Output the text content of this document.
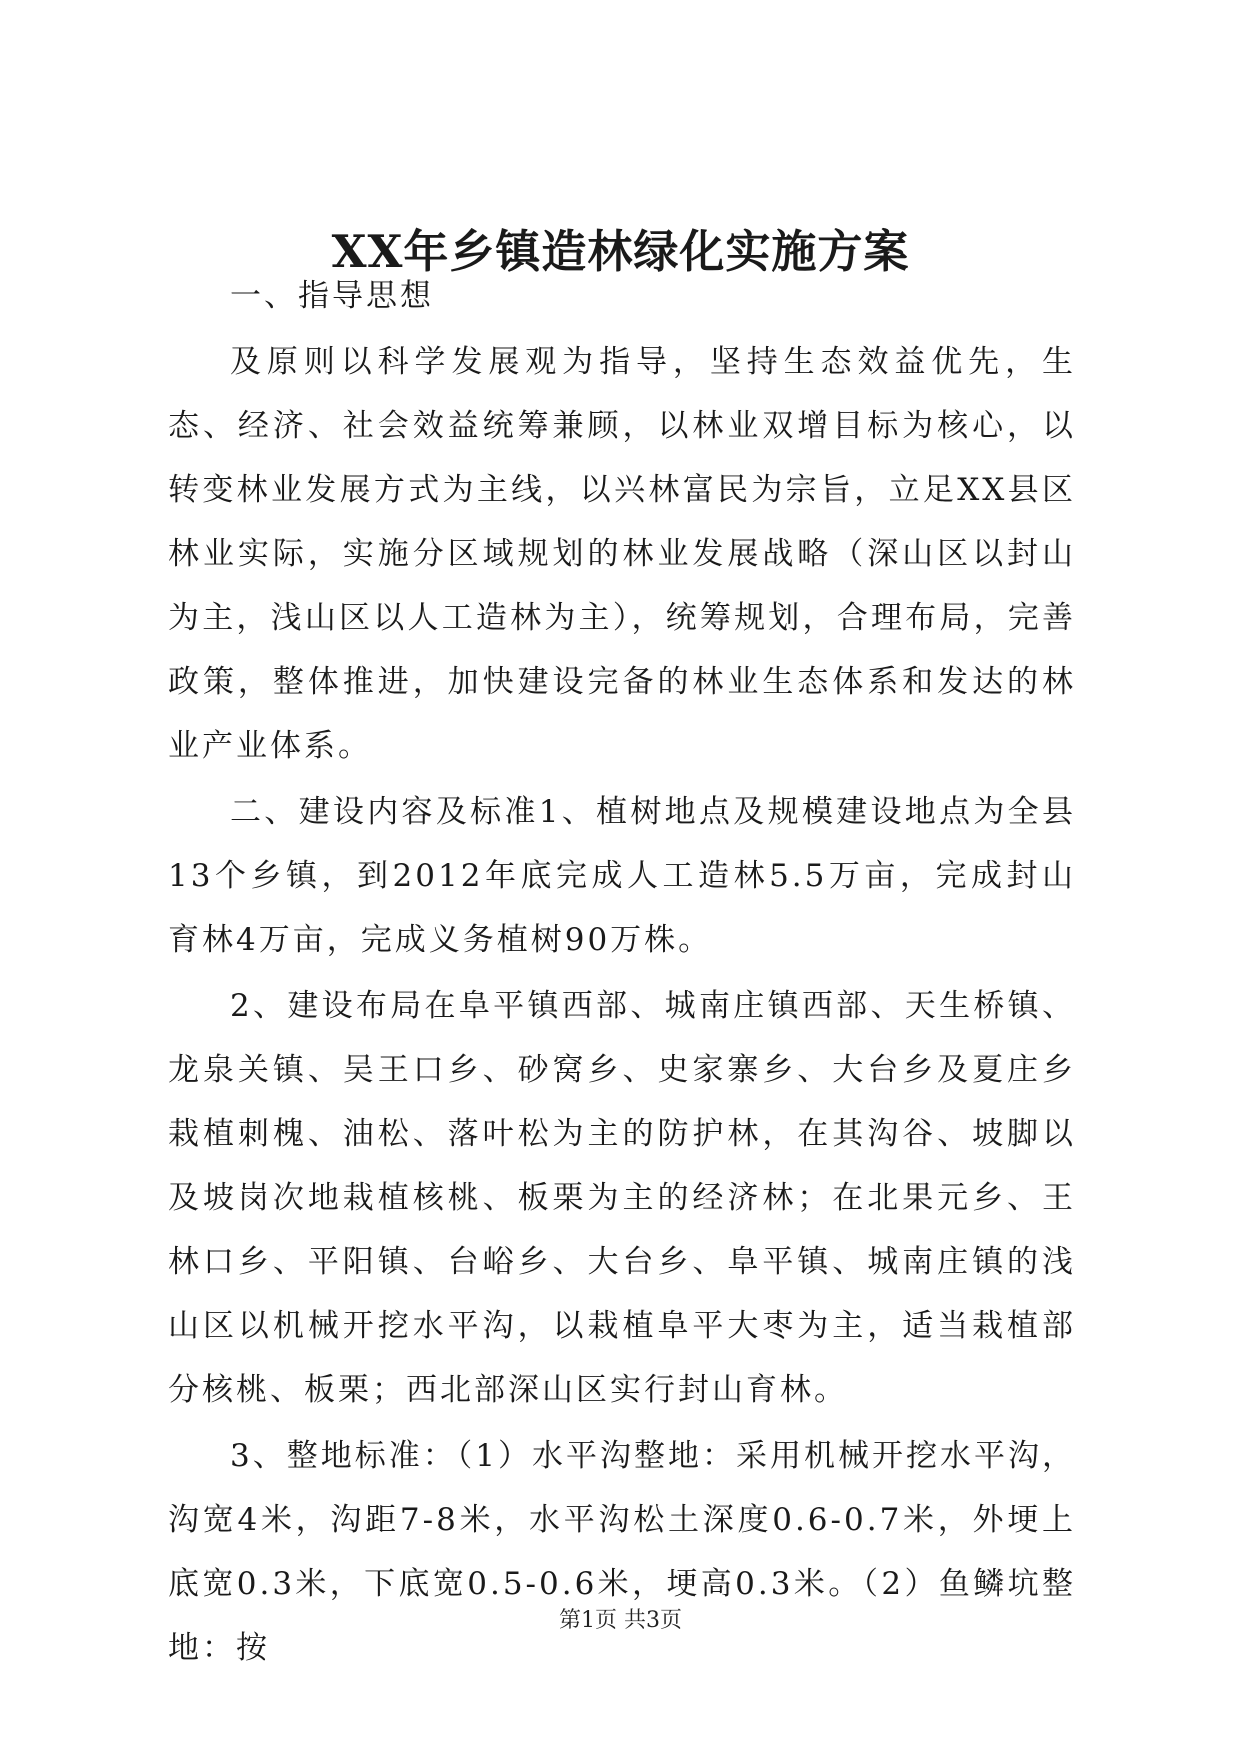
XX年乡镇造林绿化实施方案

一、指导思想

及原则以科学发展观为指导，坚持生态效益优先，生态、经济、社会效益统筹兼顾，以林业双增目标为核心，以转变林业发展方式为主线，以兴林富民为宗旨，立足XX县区林业实际，实施分区域规划的林业发展战略（深山区以封山为主，浅山区以人工造林为主），统筹规划，合理布局，完善政策，整体推进，加快建设完备的林业生态体系和发达的林业产业体系。

二、建设内容及标准1、植树地点及规模建设地点为全县13个乡镇，到2012年底完成人工造林5.5万亩，完成封山育林4万亩，完成义务植树90万株。

2、建设布局在阜平镇西部、城南庄镇西部、天生桥镇、龙泉关镇、吴王口乡、砂窝乡、史家寨乡、大台乡及夏庄乡栽植刺槐、油松、落叶松为主的防护林，在其沟谷、坡脚以及坡岗次地栽植核桃、板栗为主的经济林；在北果元乡、王林口乡、平阳镇、台峪乡、大台乡、阜平镇、城南庄镇的浅山区以机械开挖水平沟，以栽植阜平大枣为主，适当栽植部分核桃、板栗；西北部深山区实行封山育林。

3、整地标准：（1）水平沟整地：采用机械开挖水平沟，沟宽4米，沟距7-8米，水平沟松土深度0.6-0.7米，外埂上底宽0.3米，下底宽0.5-0.6米，埂高0.3米。（2）鱼鳞坑整地：按

第1页 共3页
